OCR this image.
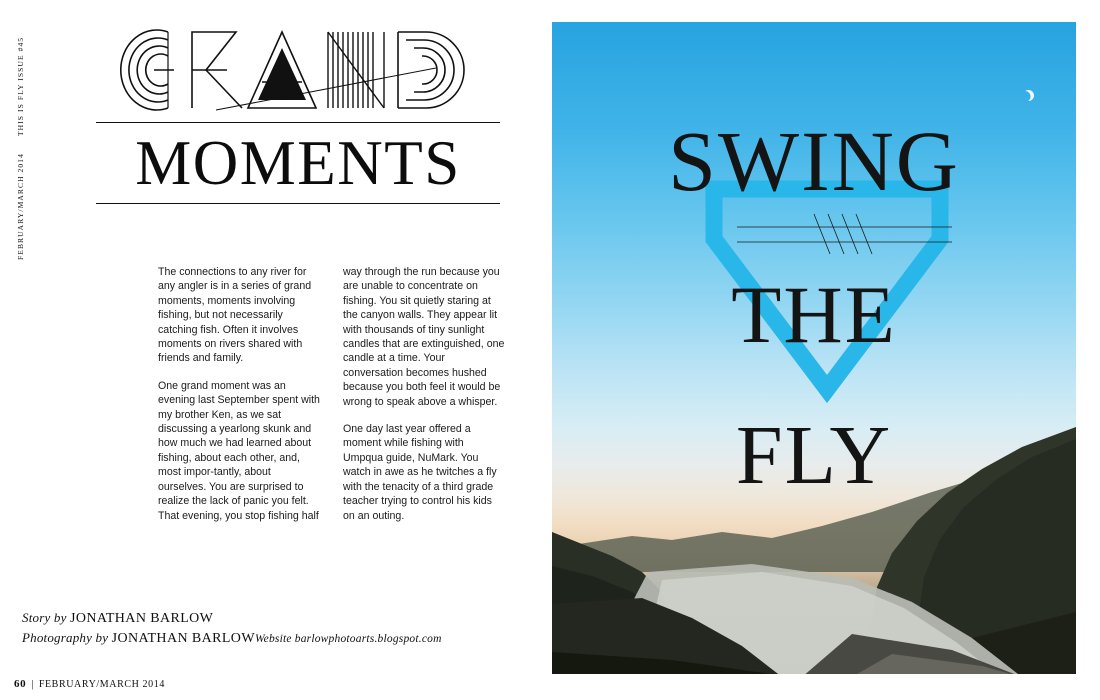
THIS IS FLY ISSUE #45
FEBRUARY/MARCH 2014	MOMENTS

The connections to any river for any angler is in a series of grand moments, moments involving fishing, but not necessarily catching fish. Often it involves moments on rivers shared with friends and family.

One grand moment was an evening last September spent with my brother Ken, as we sat discussing a yearlong skunk and how much we had learned about fishing, about each other, and, most impor-tantly, about ourselves. You are surprised to realize the lack of panic you felt. That evening, you stop fishing half

way through the run because you are unable to concentrate on fishing. You sit quietly staring at the canyon walls. They appear lit with thousands of tiny sunlight candles that are extinguished, one candle at a time. Your conversation becomes hushed because you both feel it would be wrong to speak above a whisper.

One day last year offered a moment while fishing with Umpqua guide, NuMark. You watch in awe as he twitches a fly with the tenacity of a third grade teacher trying to control his kids on an outing.

Story by JONATHAN BARLOW
Photography by JONATHAN BARLOWWebsite barlowphotoarts.blogspot.com
60 | FEBRUARY/MARCH 2014
SWING
THE
FLY
